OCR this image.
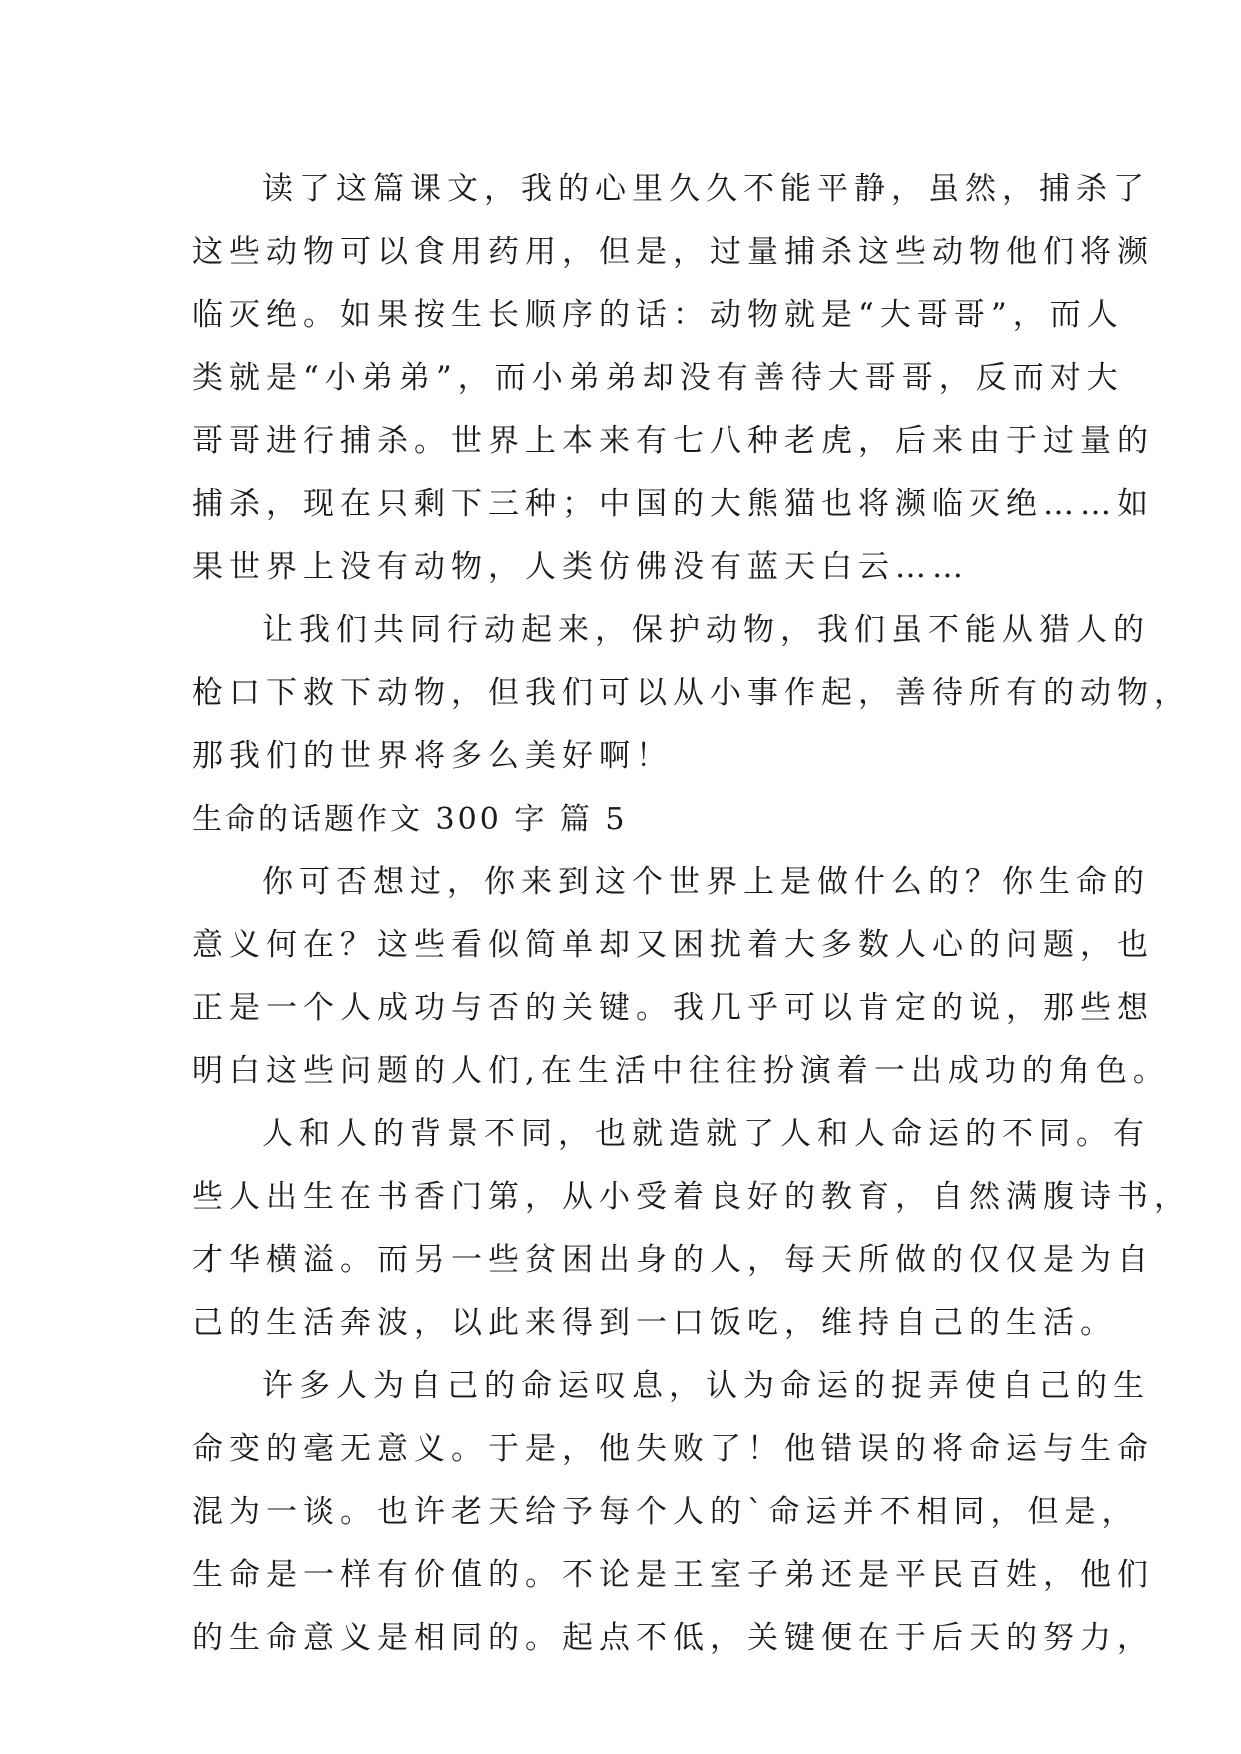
读了这篇课文，我的心里久久不能平静，虽然，捕杀了
这些动物可以食用药用，但是，过量捕杀这些动物他们将濒
临灭绝。如果按生长顺序的话：动物就是“大哥哥”，而人
类就是“小弟弟”，而小弟弟却没有善待大哥哥，反而对大
哥哥进行捕杀。世界上本来有七八种老虎，后来由于过量的
捕杀，现在只剩下三种；中国的大熊猫也将濒临灭绝……如
果世界上没有动物，人类仿佛没有蓝天白云……
让我们共同行动起来，保护动物，我们虽不能从猎人的
枪口下救下动物，但我们可以从小事作起，善待所有的动物，
那我们的世界将多么美好啊！
生命的话题作文 300 字 篇 5
你可否想过，你来到这个世界上是做什么的？你生命的
意义何在？这些看似简单却又困扰着大多数人心的问题，也
正是一个人成功与否的关键。我几乎可以肯定的说，那些想
明白这些问题的人们,在生活中往往扮演着一出成功的角色。
人和人的背景不同，也就造就了人和人命运的不同。有
些人出生在书香门第，从小受着良好的教育，自然满腹诗书，
才华横溢。而另一些贫困出身的人，每天所做的仅仅是为自
己的生活奔波，以此来得到一口饭吃，维持自己的生活。
许多人为自己的命运叹息，认为命运的捉弄使自己的生
命变的毫无意义。于是，他失败了！他错误的将命运与生命
混为一谈。也许老天给予每个人的`命运并不相同，但是，
生命是一样有价值的。不论是王室子弟还是平民百姓，他们
的生命意义是相同的。起点不低，关键便在于后天的努力，
